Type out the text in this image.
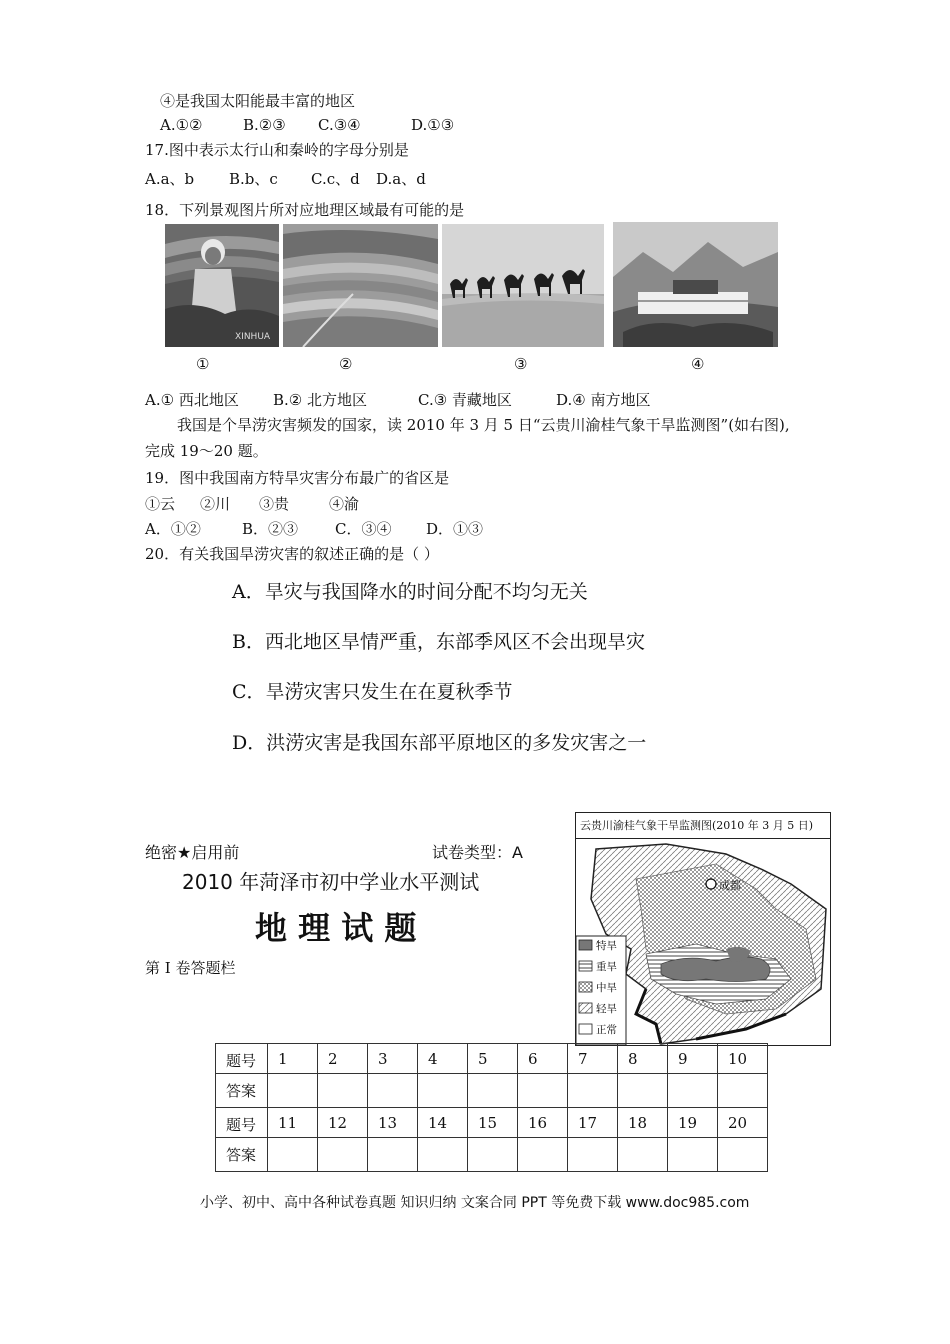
④是我国太阳能最丰富的地区
A.①②	B.②③ C.③④	D.①③
17.图中表示太行山和秦岭的字母分别是
A.a、b B.b、c C.c、d D.a、d
18．下列景观图片所对应地理区域最有可能的是
XINHUA
①	②	③	④
A.① 西北地区 B.② 北方地区	C.③ 青藏地区	D.④ 南方地区
我国是个旱涝灾害频发的国家，读 2010 年 3 月 5 日“云贵川渝桂气象干旱监测图”(如右图),
完成 19～20 题。
19．图中我国南方特旱灾害分布最广的省区是
①云 ②川 ③贵	④渝
A．①②	B．②③ C．③④ D．①③
20．有关我国旱涝灾害的叙述正确的是（ ）
A．旱灾与我国降水的时间分配不均匀无关
B．西北地区旱情严重，东部季风区不会出现旱灾
C．旱涝灾害只发生在在夏秋季节
D．洪涝灾害是我国东部平原地区的多发灾害之一
绝密★启用前	试卷类型：A
2010 年菏泽市初中学业水平测试
地 理 试 题
第 I 卷答题栏
云贵川渝桂气象干旱监测图(2010 年 3 月 5 日)
成都
特旱
重旱
中旱
轻旱
正常
题号	1	2	3	4	5	6	7	8	9	10
答案										
题号	11	12	13	14	15	16	17	18	19	20
答案										
小学、初中、高中各种试卷真题 知识归纳 文案合同 PPT 等免费下载 www.doc985.com
